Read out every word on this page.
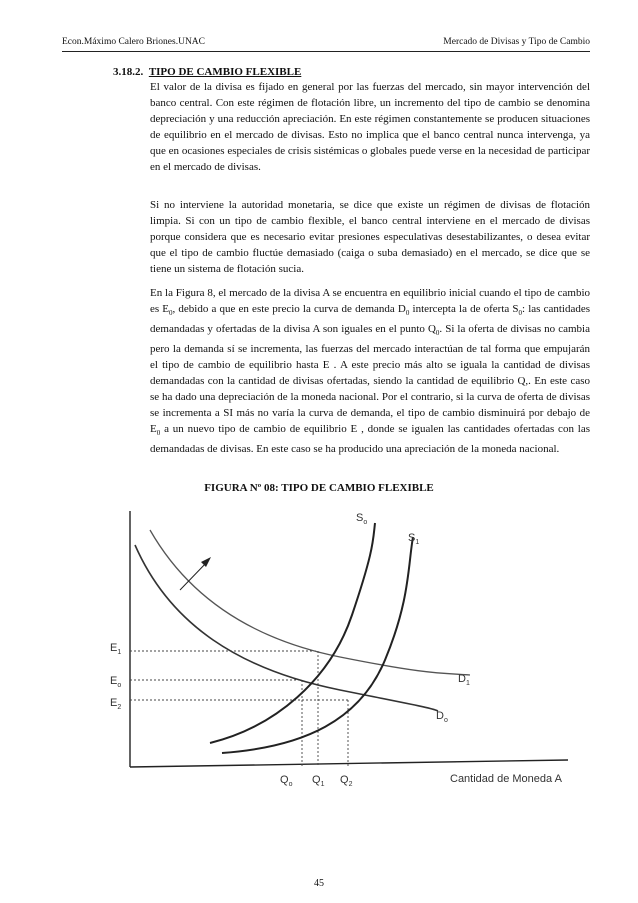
Econ.Máximo Calero Briones.UNAC	Mercado de Divisas y Tipo de Cambio
3.18.2. TIPO DE CAMBIO FLEXIBLE

El valor de la divisa es fijado en general por las fuerzas del mercado, sin mayor intervención del banco central. Con este régimen de flotación libre, un incremento del tipo de cambio se denomina depreciación y una reducción apreciación. En este régimen constantemente se producen situaciones de equilibrio en el mercado de divisas. Esto no implica que el banco central nunca intervenga, ya que en ocasiones especiales de crisis sistémicas o globales puede verse en la necesidad de participar en el mercado de divisas.

Si no interviene la autoridad monetaria, se dice que existe un régimen de divisas de flotación limpia. Si con un tipo de cambio flexible, el banco central interviene en el mercado de divisas porque considera que es necesario evitar presiones especulativas desestabilizantes, o desea evitar que el tipo de cambio fluctúe demasiado (caiga o suba demasiado) en el mercado, se dice que se tiene un sistema de flotación sucia.

En la Figura 8, el mercado de la divisa A se encuentra en equilibrio inicial cuando el tipo de cambio es $E_0$, debido a que en este precio la curva de demanda $D_0$ intercepta la de oferta $S_0$: las cantidades demandadas y ofertadas de la divisa A son iguales en el punto $Q_0$. Si la oferta de divisas no cambia pero la demanda sí se incrementa, las fuerzas del mercado interactúan de tal forma que empujarán el tipo de cambio de equilibrio hasta E . A este precio más alto se iguala la cantidad de divisas demandadas con la cantidad de divisas ofertadas, siendo la cantidad de equilibrio Q,. En este caso se ha dado una depreciación de la moneda nacional. Por el contrario, si la curva de oferta de divisas se incrementa a SI más no varía la curva de demanda, el tipo de cambio disminuirá por debajo de $E_0$ a un nuevo tipo de cambio de equilibrio E , donde se igualen las cantidades ofertadas con las demandadas de divisas. En este caso se ha producido una apreciación de la moneda nacional.

FIGURA Nº 08: TIPO DE CAMBIO FLEXIBLE
$S_o$
$S_1$
$D_1$
$D_o$
$E_1$
$E_o$
$E_2$
$Q_o$ $Q_1$ $Q_2$	Cantidad de Moneda A
45
